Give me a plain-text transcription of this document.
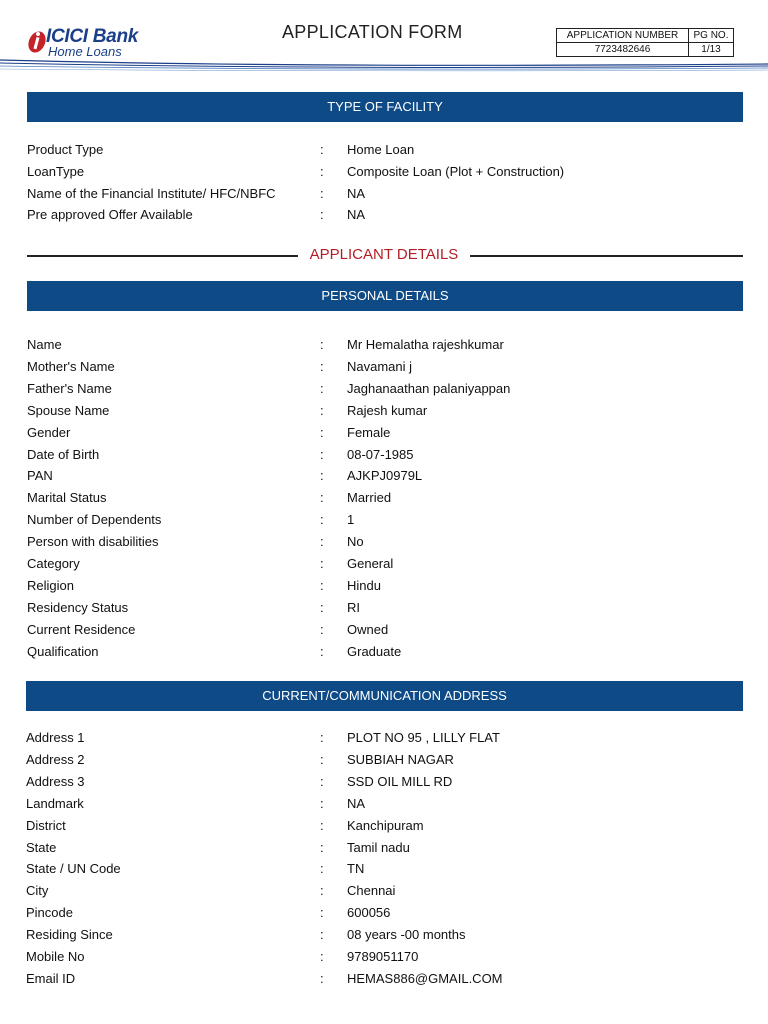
ICICI Bank
Home Loans
APPLICATION FORM	APPLICATION NUMBER	PG NO.
7723482646	1/13
TYPE OF FACILITY
Product Type	: Home Loan
LoanType	: Composite Loan (Plot + Construction)
Name of the Financial Institute/ HFC/NBFC	: NA
Pre approved Offer Available	: NA
APPLICANT DETAILS
PERSONAL DETAILS
Name	: Mr Hemalatha rajeshkumar
Mother's Name	: Navamani j
Father's Name	: Jaghanaathan palaniyappan
Spouse Name	: Rajesh kumar
Gender	: Female
Date of Birth	: 08-07-1985
PAN	: AJKPJ0979L
Marital Status	: Married
Number of Dependents	: 1
Person with disabilities	: No
Category	: General
Religion	: Hindu
Residency Status	: RI
Current Residence	: Owned
Qualification	: Graduate
CURRENT/COMMUNICATION ADDRESS
Address 1	: PLOT NO 95 , LILLY FLAT
Address 2	: SUBBIAH NAGAR
Address 3	: SSD OIL MILL RD
Landmark	: NA
District	: Kanchipuram
State	: Tamil nadu
State / UN Code	: TN
City	: Chennai
Pincode	: 600056
Residing Since	: 08 years -00 months
Mobile No	: 9789051170
Email ID	: HEMAS886@GMAIL.COM
